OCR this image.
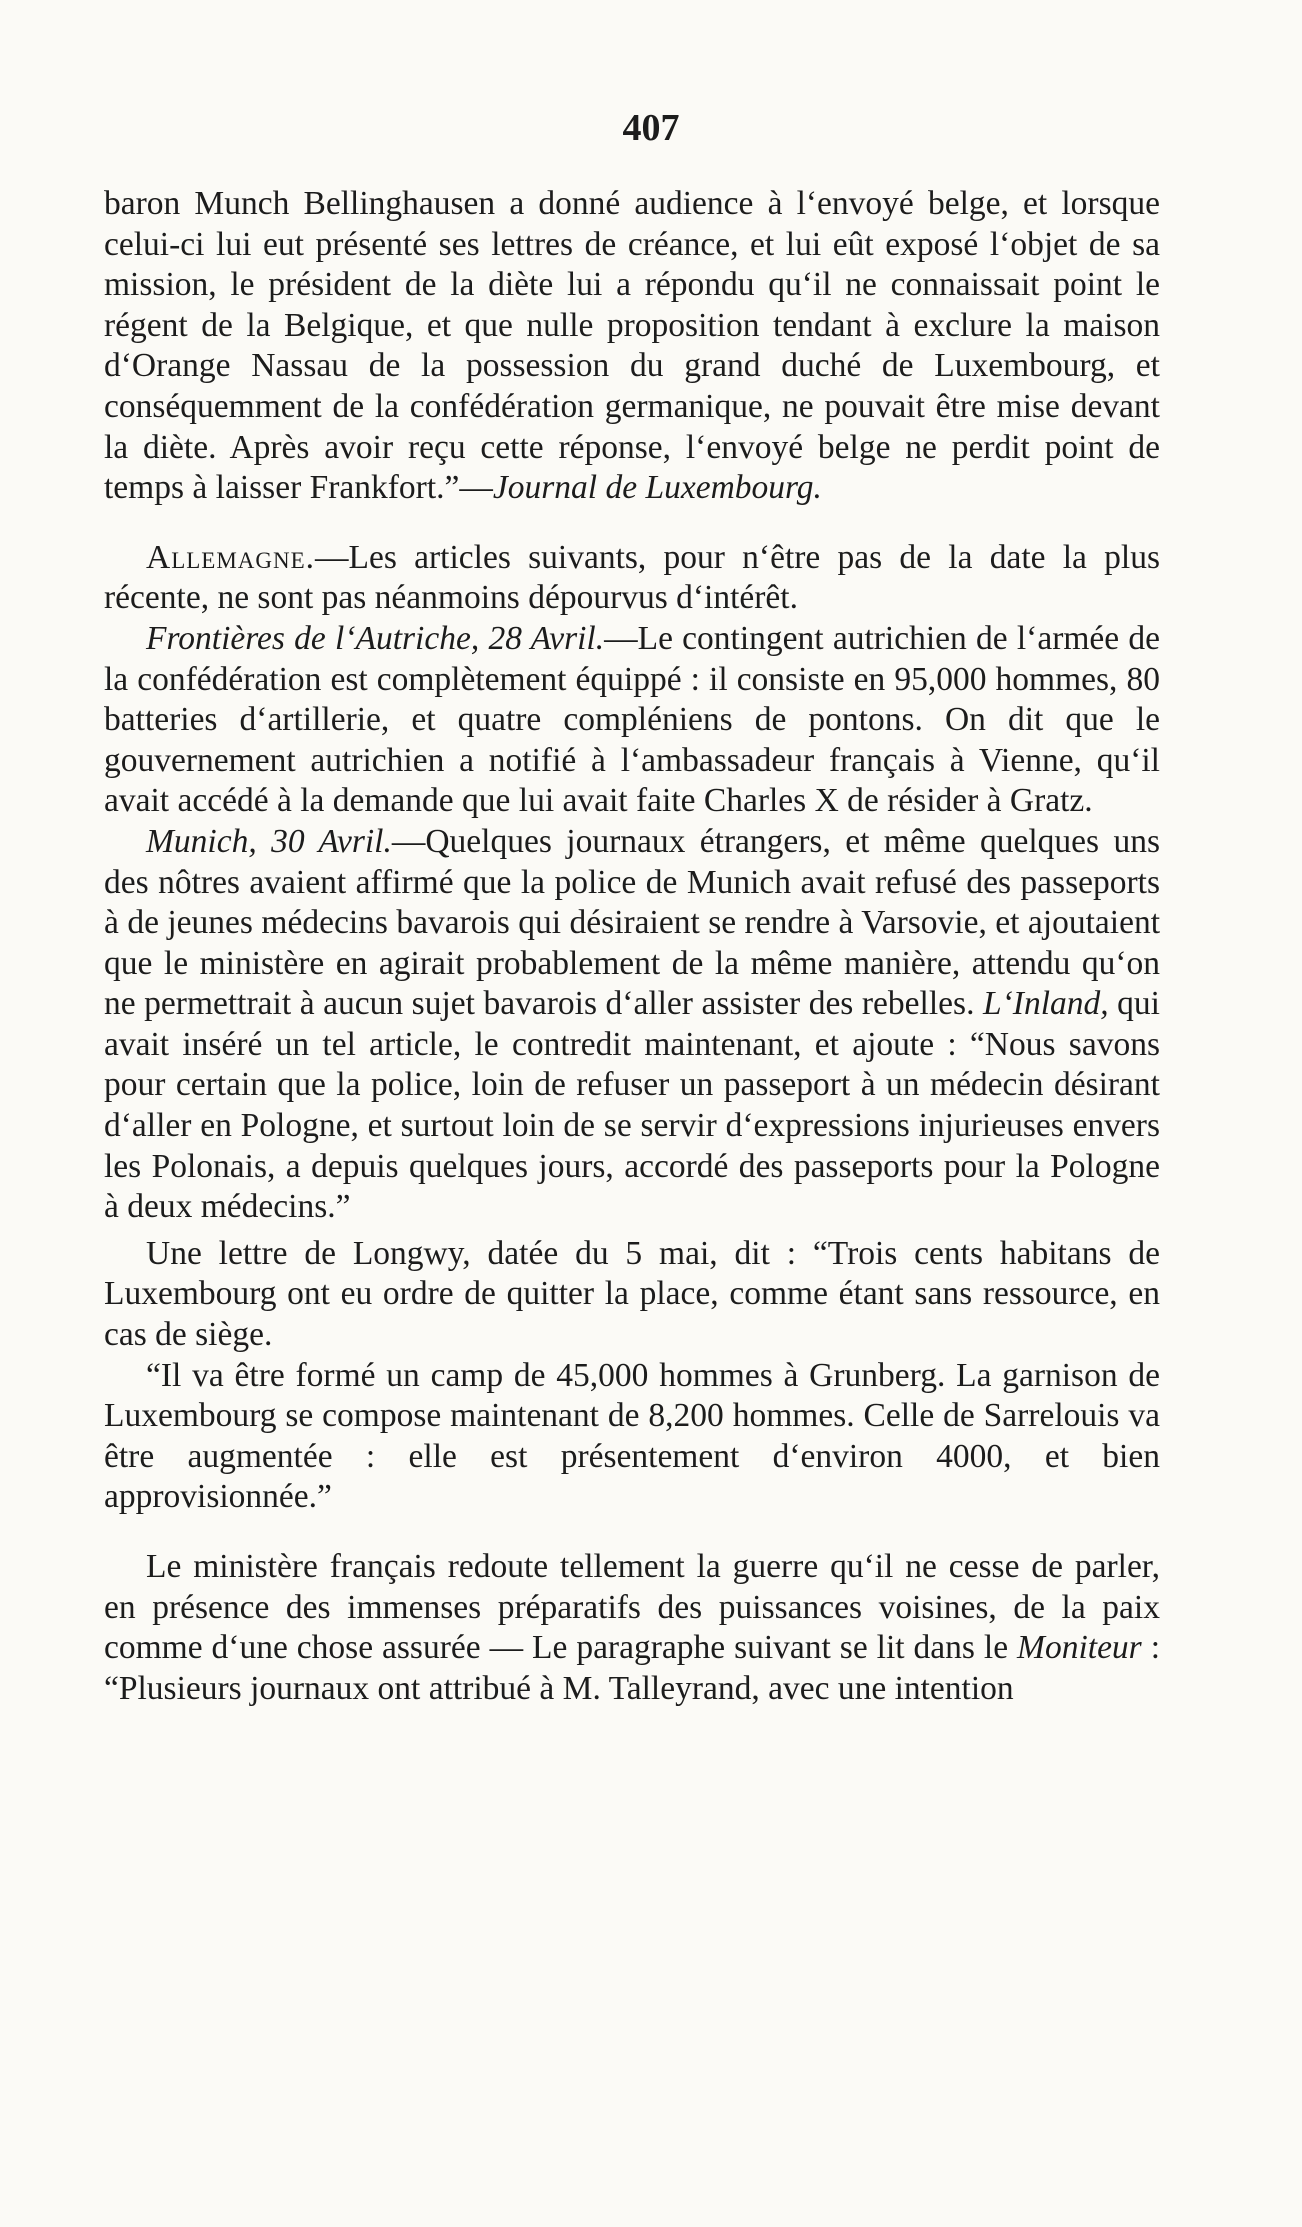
407

baron Munch Bellinghausen a donné audience à l‘envoyé belge, et lorsque celui-ci lui eut présenté ses lettres de créance, et lui eût exposé l‘objet de sa mission, le président de la diète lui a répondu qu‘il ne connaissait point le régent de la Belgique, et que nulle proposition tendant à exclure la maison d‘Orange Nassau de la possession du grand duché de Luxembourg, et conséquemment de la confédération germanique, ne pouvait être mise devant la diète. Après avoir reçu cette réponse, l‘envoyé belge ne perdit point de temps à laisser Frankfort.”—Journal de Luxembourg.

Allemagne.—Les articles suivants, pour n‘être pas de la date la plus récente, ne sont pas néanmoins dépourvus d‘intérêt.

Frontières de l‘Autriche, 28 Avril.—Le contingent autrichien de l‘armée de la confédération est complètement équippé : il consiste en 95,000 hommes, 80 batteries d‘artillerie, et quatre compléniens de pontons. On dit que le gouvernement autrichien a notifié à l‘ambassadeur français à Vienne, qu‘il avait accédé à la demande que lui avait faite Charles X de résider à Gratz.

Munich, 30 Avril.—Quelques journaux étrangers, et même quelques uns des nôtres avaient affirmé que la police de Munich avait refusé des passeports à de jeunes médecins bavarois qui désiraient se rendre à Varsovie, et ajoutaient que le ministère en agirait probablement de la même manière, attendu qu‘on ne permettrait à aucun sujet bavarois d‘aller assister des rebelles. L‘Inland, qui avait inséré un tel article, le contredit maintenant, et ajoute : “Nous savons pour certain que la police, loin de refuser un passeport à un médecin désirant d‘aller en Pologne, et surtout loin de se servir d‘expressions injurieuses envers les Polonais, a depuis quelques jours, accordé des passeports pour la Pologne à deux médecins.”

Une lettre de Longwy, datée du 5 mai, dit : “Trois cents habitans de Luxembourg ont eu ordre de quitter la place, comme étant sans ressource, en cas de siège.

“Il va être formé un camp de 45,000 hommes à Grunberg. La garnison de Luxembourg se compose maintenant de 8,200 hommes. Celle de Sarrelouis va être augmentée : elle est présentement d‘environ 4000, et bien approvisionnée.”

Le ministère français redoute tellement la guerre qu‘il ne cesse de parler, en présence des immenses préparatifs des puissances voisines, de la paix comme d‘une chose assurée — Le paragraphe suivant se lit dans le Moniteur : “Plusieurs journaux ont attribué à M. Talleyrand, avec une intention
